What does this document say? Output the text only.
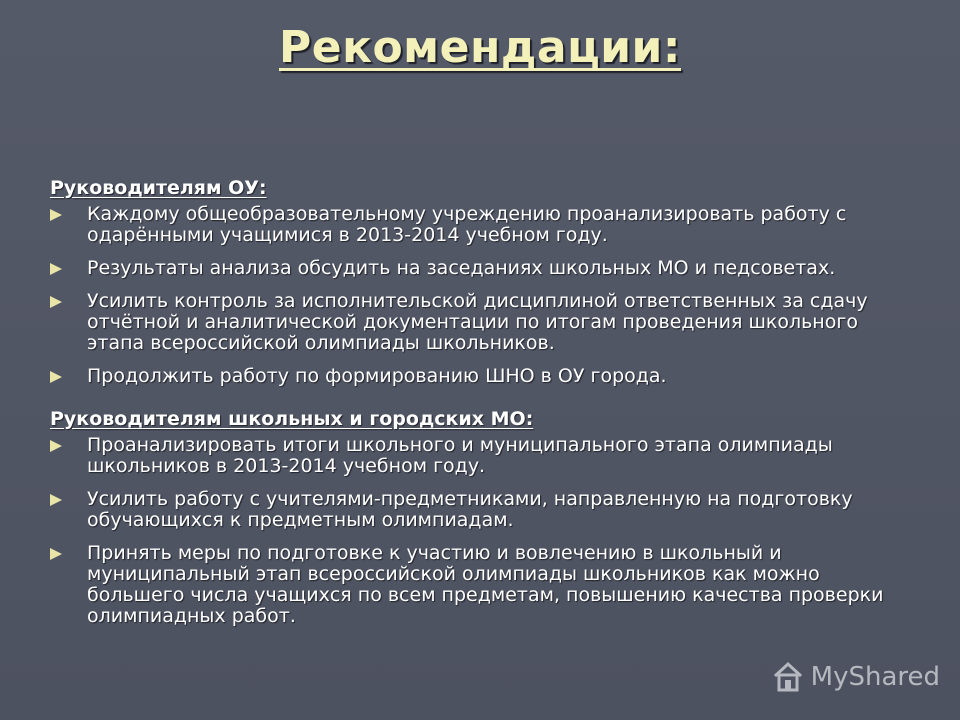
Рекомендации:
Руководителям ОУ:
Каждому общеобразовательному учреждению проанализировать работу с одарёнными учащимися в 2013-2014 учебном году.
Результаты анализа обсудить на заседаниях школьных МО и педсоветах.
Усилить контроль за исполнительской дисциплиной ответственных за сдачу отчётной и аналитической документации по итогам проведения школьного этапа всероссийской олимпиады школьников.
Продолжить работу по формированию ШНО в ОУ города.
Руководителям школьных и городских МО:
Проанализировать итоги школьного и муниципального этапа олимпиады школьников в 2013-2014 учебном году.
Усилить работу с учителями-предметниками, направленную на подготовку обучающихся к предметным олимпиадам.
Принять меры по подготовке к участию и вовлечению в школьный и муниципальный этап всероссийской олимпиады школьников как можно большего числа учащихся по всем предметам, повышению качества проверки олимпиадных работ.
MyShared
